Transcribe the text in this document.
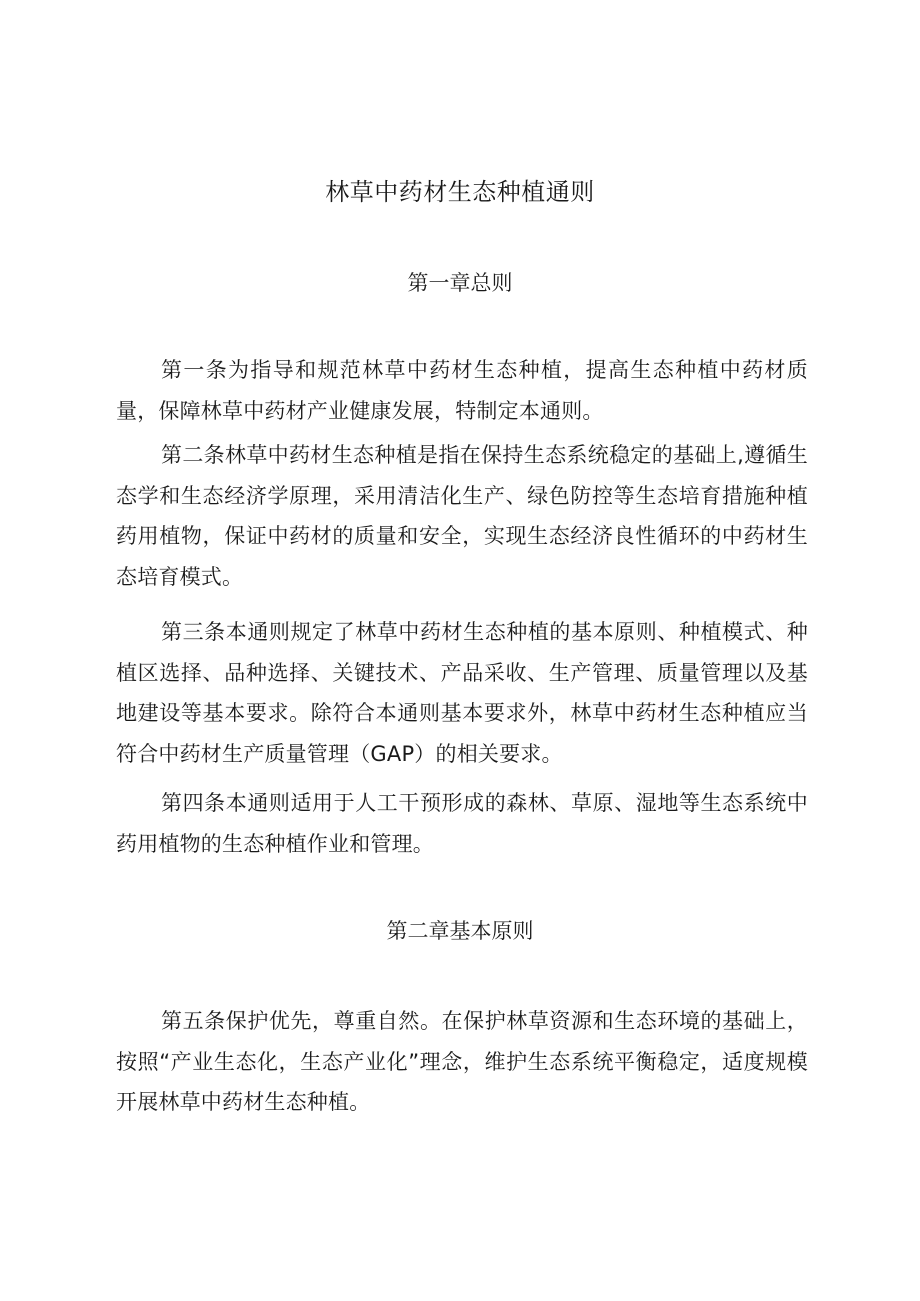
林草中药材生态种植通则
第一章总则

第一条为指导和规范林草中药材生态种植，提高生态种植中药材质量，保障林草中药材产业健康发展，特制定本通则。

第二条林草中药材生态种植是指在保持生态系统稳定的基础上,遵循生态学和生态经济学原理，采用清洁化生产、绿色防控等生态培育措施种植药用植物，保证中药材的质量和安全，实现生态经济良性循环的中药材生态培育模式。

第三条本通则规定了林草中药材生态种植的基本原则、种植模式、种植区选择、品种选择、关键技术、产品采收、生产管理、质量管理以及基地建设等基本要求。除符合本通则基本要求外，林草中药材生态种植应当符合中药材生产质量管理（GAP）的相关要求。

第四条本通则适用于人工干预形成的森林、草原、湿地等生态系统中药用植物的生态种植作业和管理。

第二章基本原则

第五条保护优先，尊重自然。在保护林草资源和生态环境的基础上，按照“产业生态化，生态产业化”理念，维护生态系统平衡稳定，适度规模开展林草中药材生态种植。
